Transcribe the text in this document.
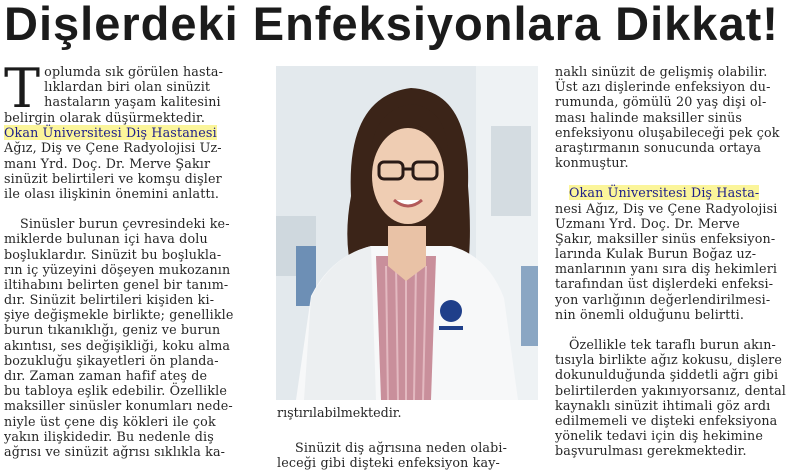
Dişlerdeki Enfeksiyonlara Dikkat!
T oplumda sık görülen hasta-
lıklardan biri olan sinüzit
hastaların yaşam kalitesini
belirgin olarak düşürmektedir.
Okan Üniversitesi Diş Hastanesi
Ağız, Diş ve Çene Radyolojisi Uz-
manı Yrd. Doç. Dr. Merve Şakır
sinüzit belirtileri ve komşu dişler
ile olası ilişkinin önemini anlattı.
Sinüsler burun çevresindeki ke-
miklerde bulunan içi hava dolu
boşluklardır. Sinüzit bu boşlukla-
rın iç yüzeyini döşeyen mukozanın
iltihabını belirten genel bir tanım-
dır. Sinüzit belirtileri kişiden ki-
şiye değişmekle birlikte; genellikle
burun tıkanıklığı, geniz ve burun
akıntısı, ses değişikliği, koku alma
bozukluğu şikayetleri ön planda-
dır. Zaman zaman hafif ateş de
bu tabloya eşlik edebilir. Özellikle
maksiller sinüsler konumları nede-
niyle üst çene diş kökleri ile çok
yakın ilişkidedir. Bu nedenle diş
ağrısı ve sinüzit ağrısı sıklıkla ka-
rıştırılabilmektedir.
Sinüzit diş ağrısına neden olabi-
leceği gibi dişteki enfeksiyon kay-
naklı sinüzit de gelişmiş olabilir.
Üst azı dişlerinde enfeksiyon du-
rumunda, gömülü 20 yaş dişi ol-
ması halinde maksiller sinüs
enfeksiyonu oluşabileceği pek çok
araştırmanın sonucunda ortaya
konmuştur.
Okan Üniversitesi Diş Hasta-
nesi Ağız, Diş ve Çene Radyolojisi
Uzmanı Yrd. Doç. Dr. Merve
Şakır, maksiller sinüs enfeksiyon-
larında Kulak Burun Boğaz uz-
manlarının yanı sıra diş hekimleri
tarafından üst dişlerdeki enfeksi-
yon varlığının değerlendirilmesi-
nin önemli olduğunu belirtti.
Özellikle tek taraflı burun akın-
tısıyla birlikte ağız kokusu, dişlere
dokunulduğunda şiddetli ağrı gibi
belirtilerden yakınıyorsanız, dental
kaynaklı sinüzit ihtimali göz ardı
edilmemeli ve dişteki enfeksiyona
yönelik tedavi için diş hekimine
başvurulması gerekmektedir.
